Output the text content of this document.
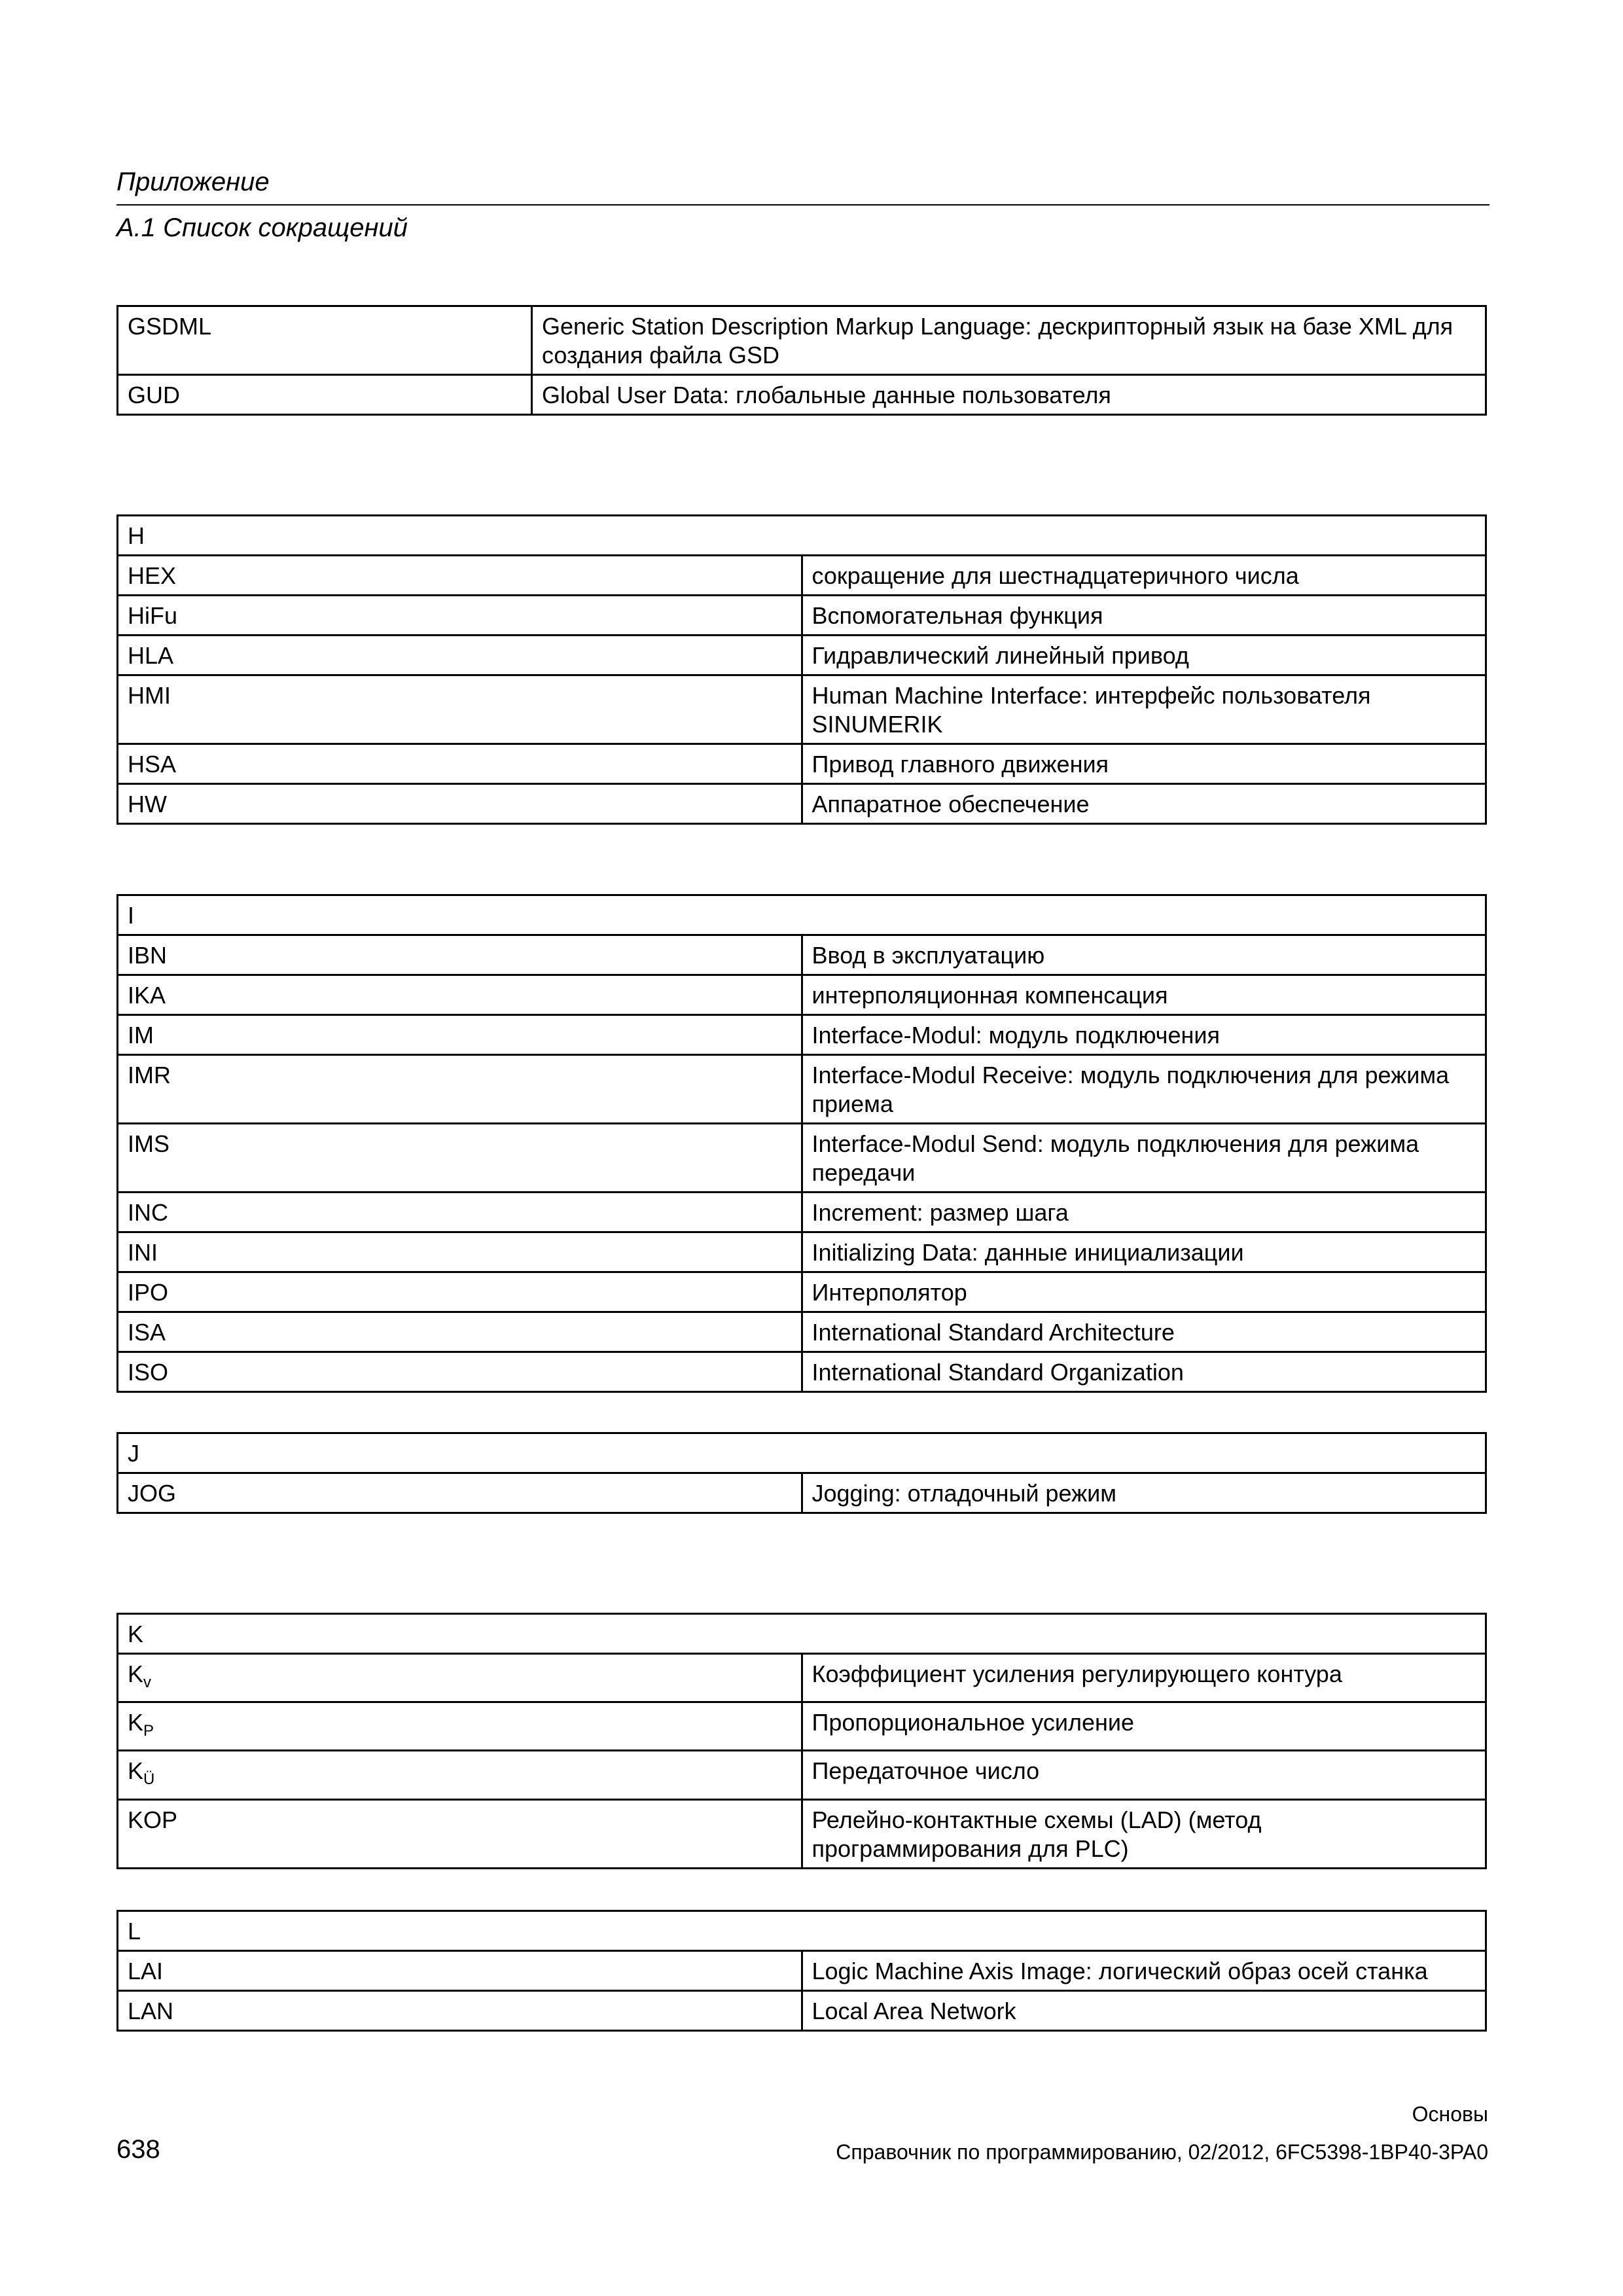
Приложение
A.1 Список сокращений
GSDML	Generic Station Description Markup Language: дескрипторный язык на базе XML для создания файла GSD
GUD	Global User Data: глобальные данные пользователя
H	
HEX	сокращение для шестнадцатеричного числа
HiFu	Вспомогательная функция
HLA	Гидравлический линейный привод
HMI	Human Machine Interface: интерфейс пользователя SINUMERIK
HSA	Привод главного движения
HW	Аппаратное обеспечение
I	
IBN	Ввод в эксплуатацию
IKA	интерполяционная компенсация
IM	Interface-Modul: модуль подключения
IMR	Interface-Modul Receive: модуль подключения для режима приема
IMS	Interface-Modul Send: модуль подключения для режима передачи
INC	Increment: размер шага
INI	Initializing Data: данные инициализации
IPO	Интерполятор
ISA	International Standard Architecture
ISO	International Standard Organization
J
JOG	Jogging: отладочный режим
K	
$K_v$	Коэффициент усиления регулирующего контура
$K_P$	Пропорциональное усиление
$K_Ü$	Передаточное число
KOP	Релейно-контактные схемы (LAD) (метод программирования для PLC)
L	
LAI	Logic Machine Axis Image: логический образ осей станка
LAN	Local Area Network
Основы
638	Справочник по программированию, 02/2012, 6FC5398-1BP40-3PA0
